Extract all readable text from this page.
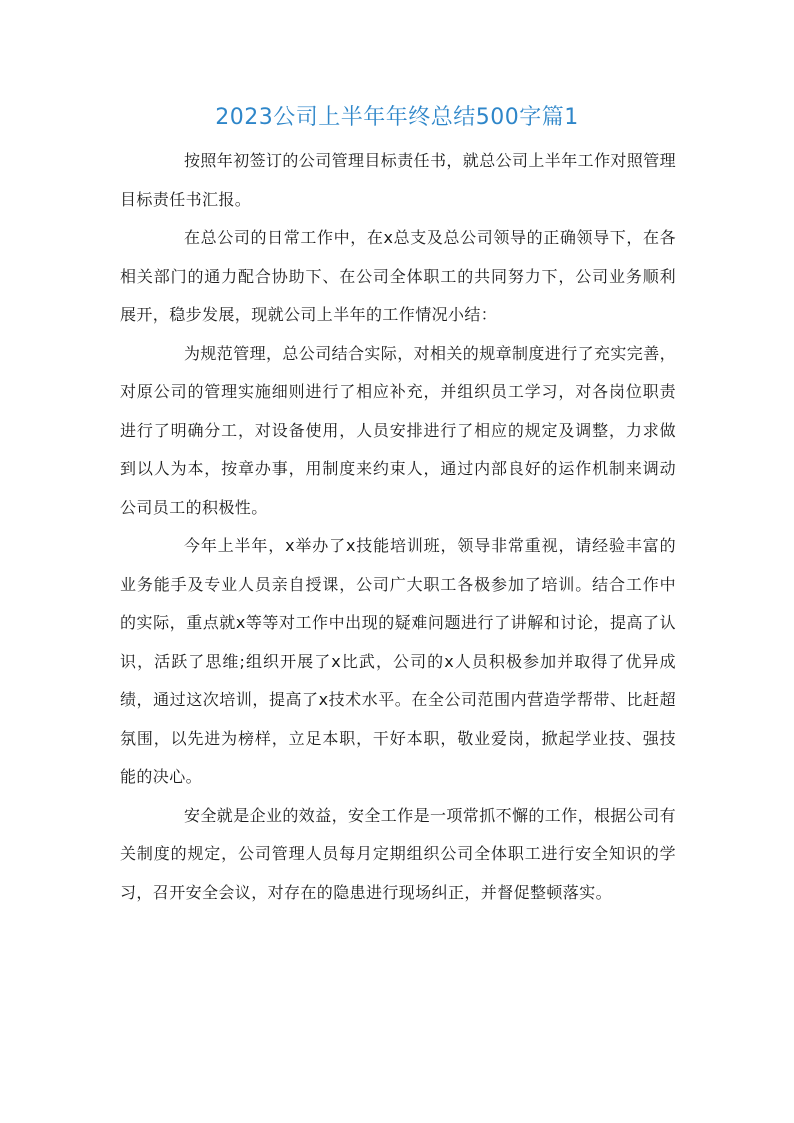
2023公司上半年年终总结500字篇1

按照年初签订的公司管理目标责任书，就总公司上半年工作对照管理目标责任书汇报。

在总公司的日常工作中，在x总支及总公司领导的正确领导下，在各相关部门的通力配合协助下、在公司全体职工的共同努力下，公司业务顺利展开，稳步发展，现就公司上半年的工作情况小结：

为规范管理，总公司结合实际，对相关的规章制度进行了充实完善，对原公司的管理实施细则进行了相应补充，并组织员工学习，对各岗位职责进行了明确分工，对设备使用，人员安排进行了相应的规定及调整，力求做到以人为本，按章办事，用制度来约束人，通过内部良好的运作机制来调动公司员工的积极性。

今年上半年，x举办了x技能培训班，领导非常重视，请经验丰富的业务能手及专业人员亲自授课，公司广大职工各极参加了培训。结合工作中的实际，重点就x等等对工作中出现的疑难问题进行了讲解和讨论，提高了认识，活跃了思维;组织开展了x比武，公司的x人员积极参加并取得了优异成绩，通过这次培训，提高了x技术水平。在全公司范围内营造学帮带、比赶超氛围，以先进为榜样，立足本职，干好本职，敬业爱岗，掀起学业技、强技能的决心。

安全就是企业的效益，安全工作是一项常抓不懈的工作，根据公司有关制度的规定，公司管理人员每月定期组织公司全体职工进行安全知识的学习，召开安全会议，对存在的隐患进行现场纠正，并督促整顿落实。
